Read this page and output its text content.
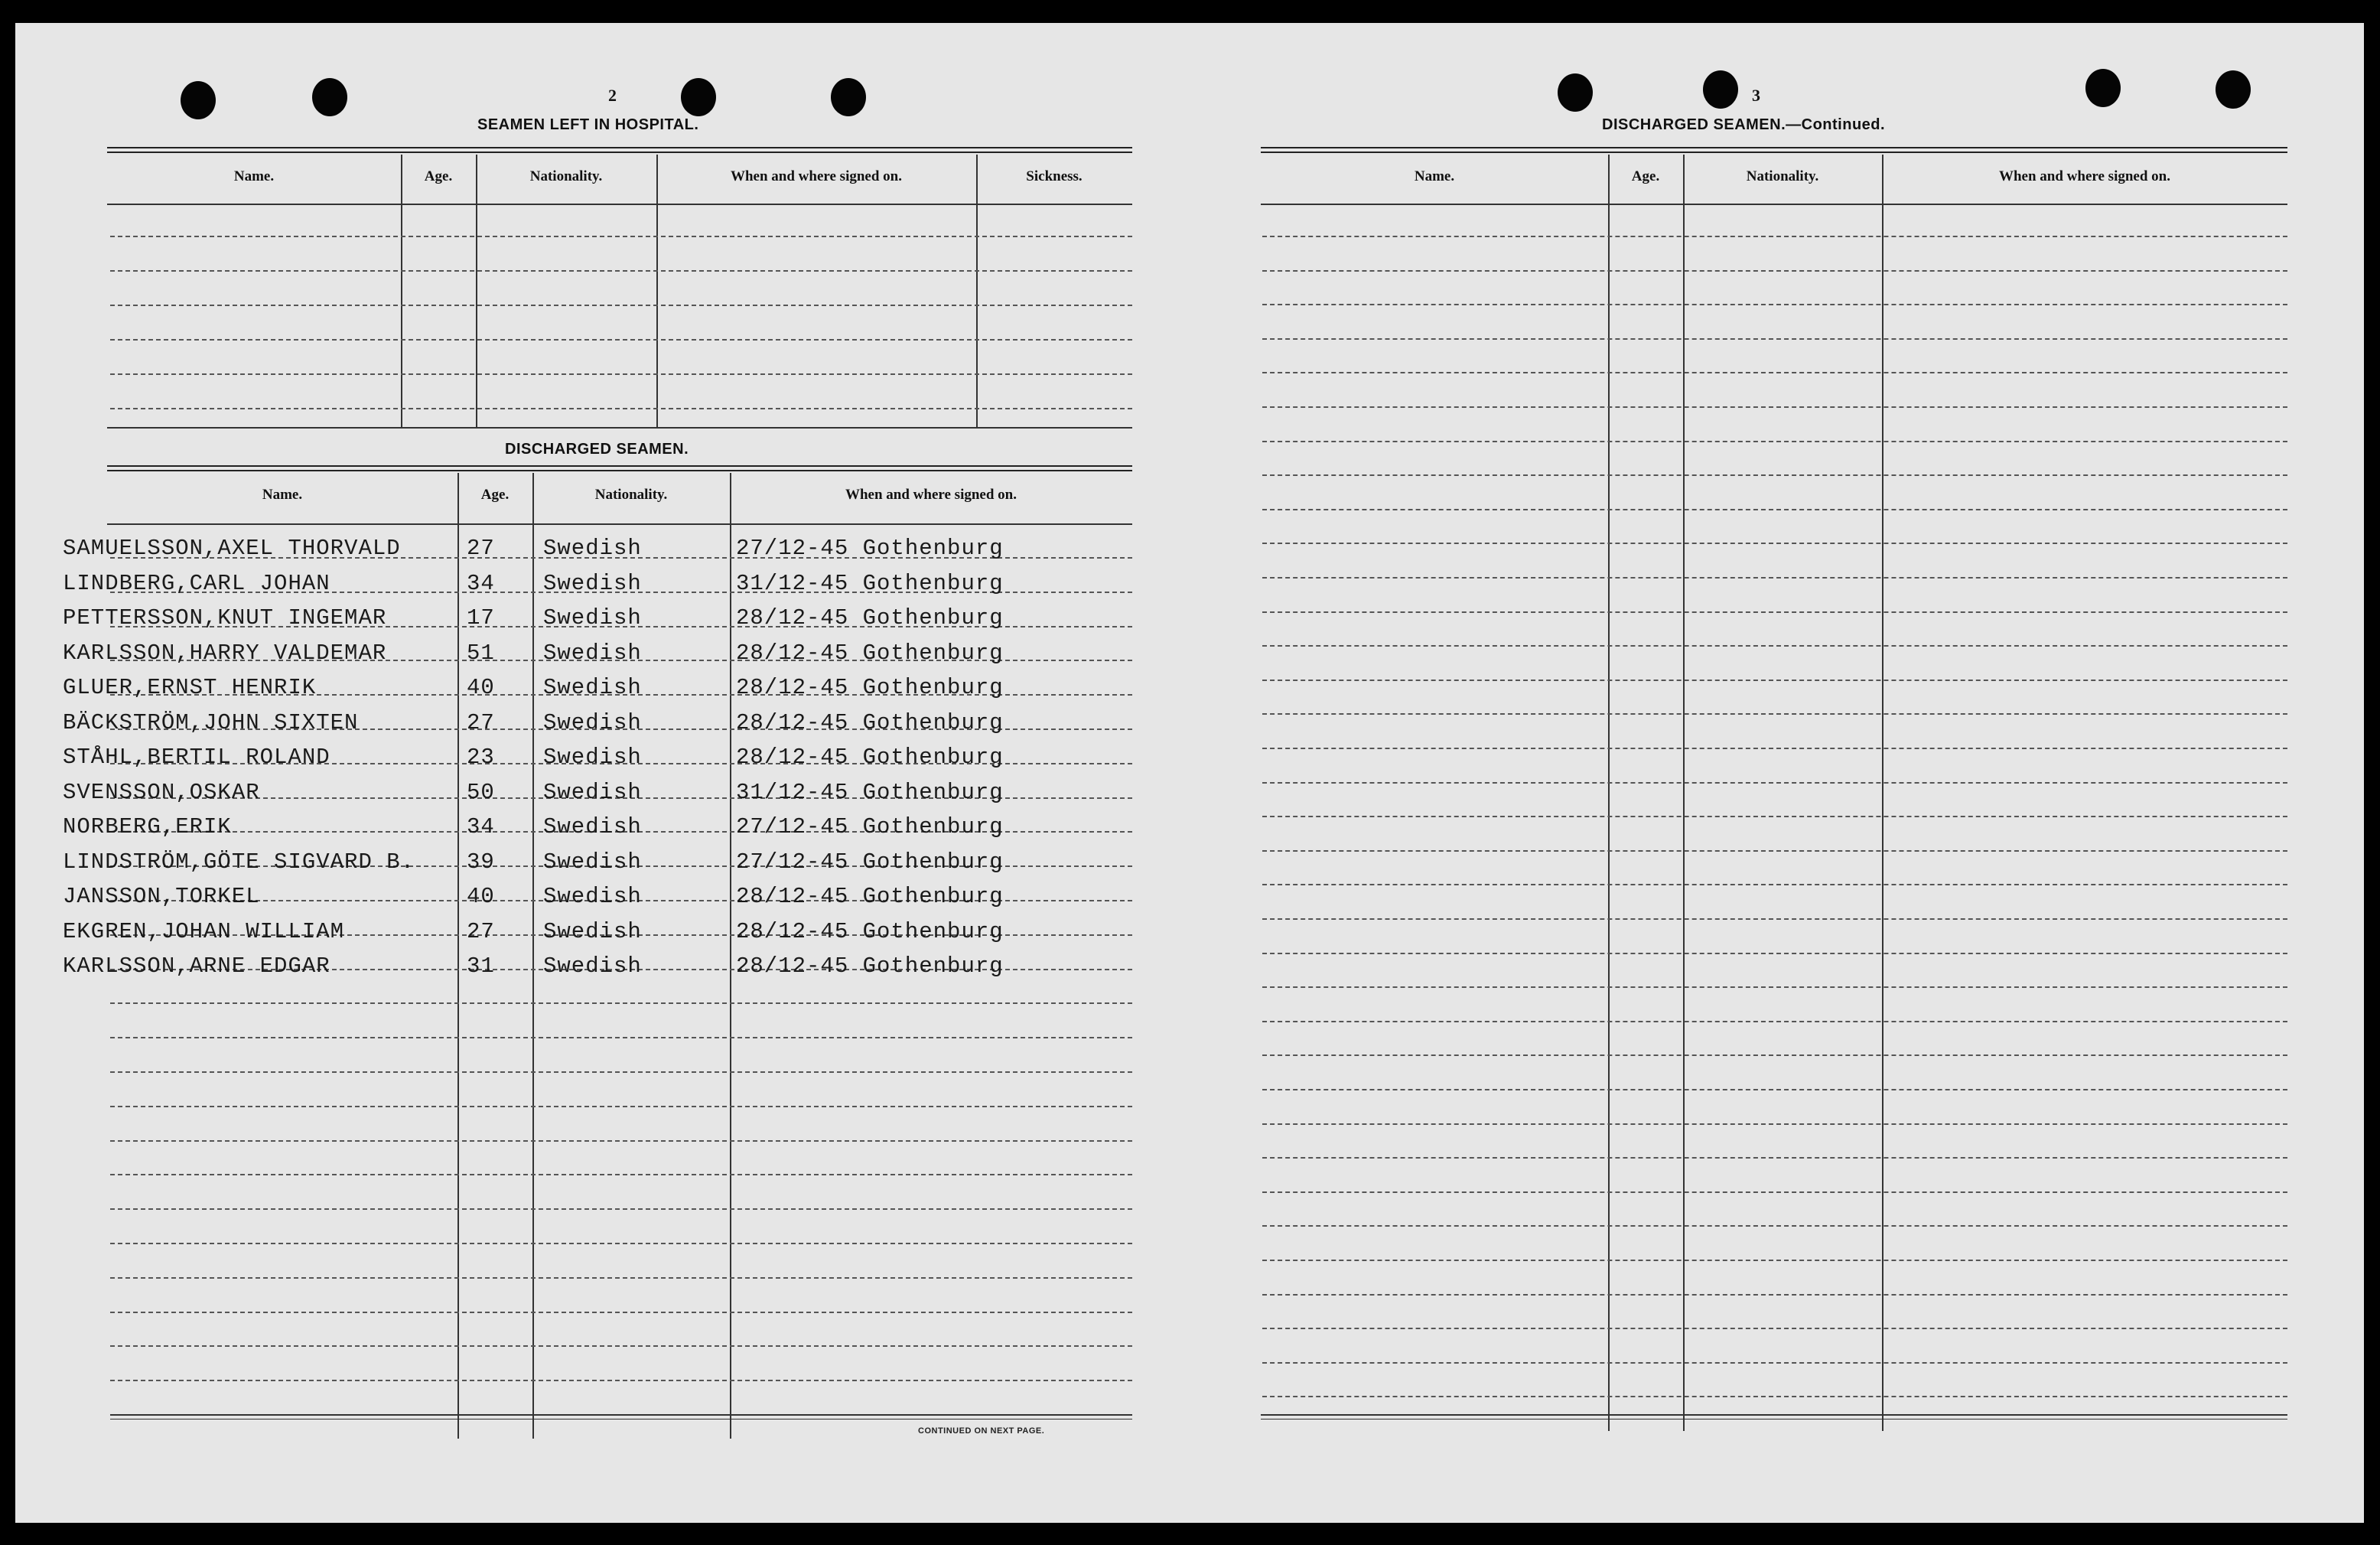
2
SEAMEN LEFT IN HOSPITAL.
Name.	Age.	Nationality.	When and where signed on.	Sickness.
DISCHARGED SEAMEN.
Name.	Age.	Nationality.	When and where signed on.
SAMUELSSON,AXEL THORVALD	27 Swedish	27/12-45 Gothenburg
LINDBERG,CARL JOHAN	34 Swedish	31/12-45 Gothenburg
PETTERSSON,KNUT INGEMAR	17 Swedish	28/12-45 Gothenburg
KARLSSON,HARRY VALDEMAR	51 Swedish	28/12-45 Gothenburg
GLUER,ERNST HENRIK	40 Swedish	28/12-45 Gothenburg
BÄCKSTRÖM,JOHN SIXTEN	27 Swedish	28/12-45 Gothenburg
STÅHL,BERTIL ROLAND	23 Swedish	28/12-45 Gothenburg
SVENSSON,OSKAR	50 Swedish	31/12-45 Gothenburg
NORBERG,ERIK	34 Swedish	27/12-45 Gothenburg
LINDSTRÖM,GÖTE SIGVARD B. 39 Swedish	27/12-45 Gothenburg
JANSSON,TORKEL	40 Swedish	28/12-45 Gothenburg
EKGREN,JOHAN WILLIAM	27 Swedish	28/12-45 Gothenburg
KARLSSON,ARNE EDGAR	31 Swedish	28/12-45 Gothenburg
CONTINUED ON NEXT PAGE.
3
DISCHARGED SEAMEN.—Continued.
Name.	Age.	Nationality.	When and where signed on.
